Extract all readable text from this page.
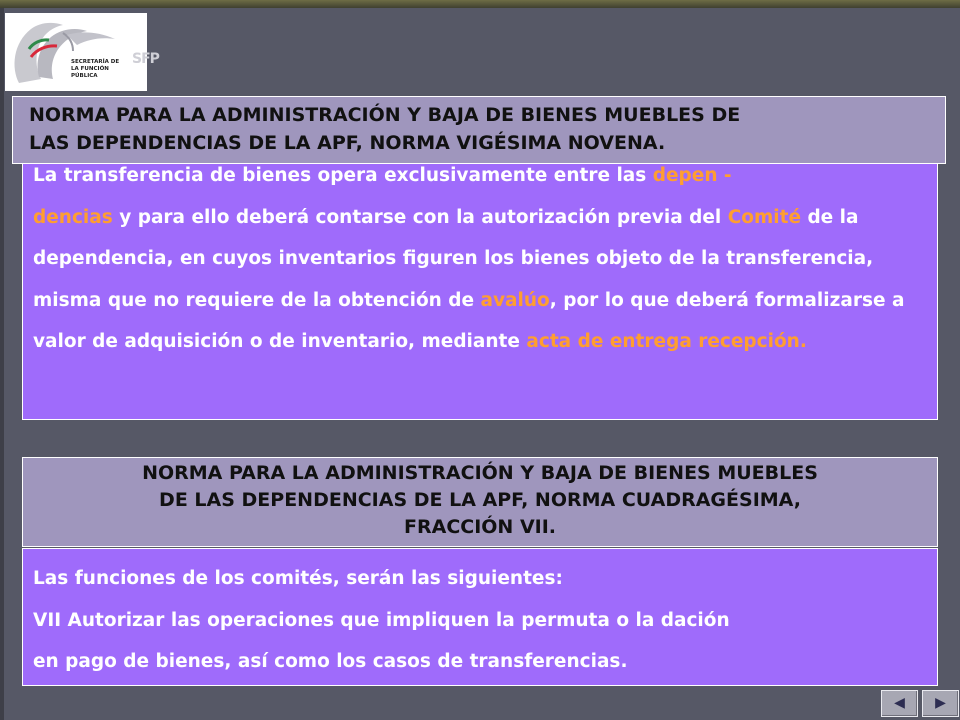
SECRETARÍA DE
LA FUNCIÓN
PÚBLICA
SFP
NORMA PARA LA ADMINISTRACIÓN Y BAJA DE BIENES MUEBLES DE
LAS DEPENDENCIAS DE LA APF, NORMA VIGÉSIMA NOVENA.
La transferencia de bienes opera exclusivamente entre las depen -
dencias y para ello deberá contarse con la autorización previa del Comité de la dependencia, en cuyos inventarios figuren los bienes objeto de la transferencia, misma que no requiere de la obtención de avalúo, por lo que deberá formalizarse a valor de adquisición o de inventario, mediante acta de entrega recepción.
NORMA PARA LA ADMINISTRACIÓN Y BAJA DE BIENES MUEBLES
DE LAS DEPENDENCIAS DE LA APF, NORMA CUADRAGÉSIMA,
FRACCIÓN VII.
Las funciones de los comités, serán las siguientes:
VII Autorizar las operaciones que impliquen la permuta o la dación
en pago de bienes, así como los casos de transferencias.
◀	▶
